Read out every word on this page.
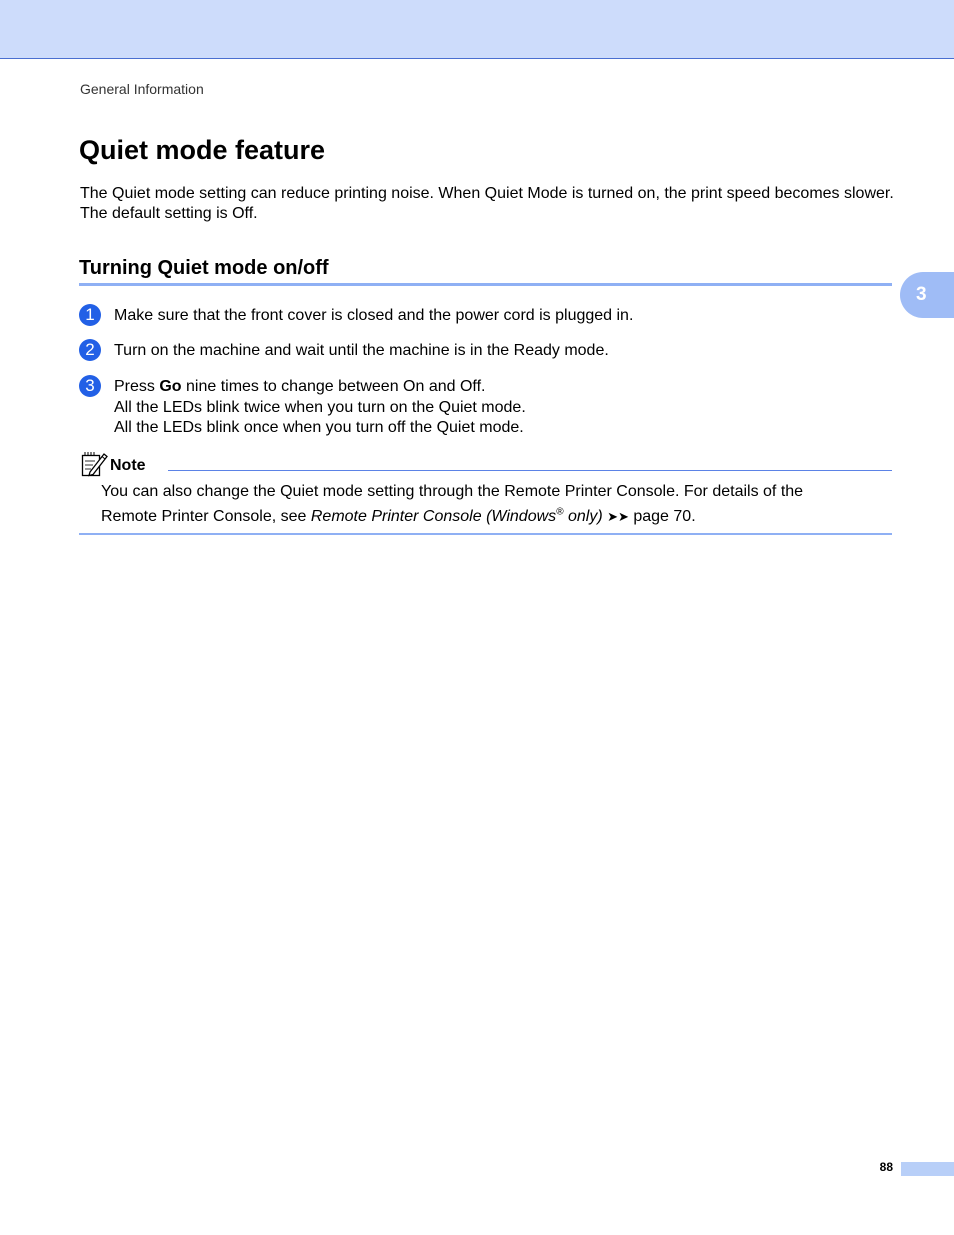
General Information
Quiet mode feature

The Quiet mode setting can reduce printing noise. When Quiet Mode is turned on, the print speed becomes slower. The default setting is Off.

Turning Quiet mode on/off
3
1	Make sure that the front cover is closed and the power cord is plugged in.
2	Turn on the machine and wait until the machine is in the Ready mode.
3	Press Go nine times to change between On and Off.
All the LEDs blink twice when you turn on the Quiet mode.
All the LEDs blink once when you turn off the Quiet mode.
Note
You can also change the Quiet mode setting through the Remote Printer Console. For details of the
Remote Printer Console, see Remote Printer Console (Windows® only) ➤➤ page 70.
88
